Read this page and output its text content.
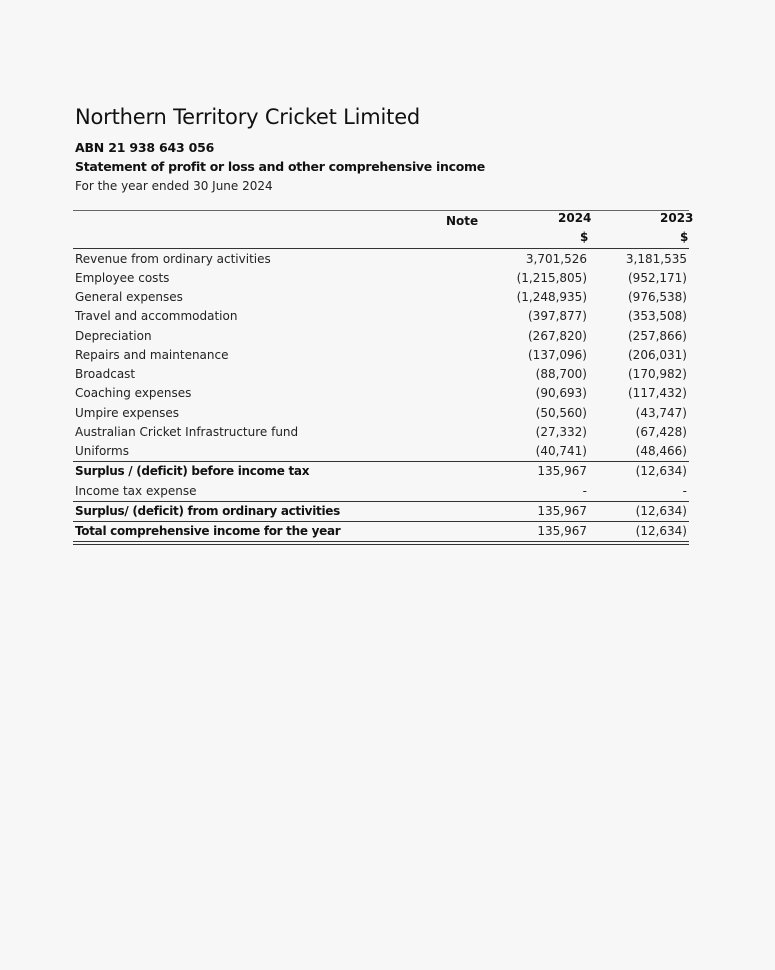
Northern Territory Cricket Limited
ABN 21 938 643 056
Statement of profit or loss and other comprehensive income
For the year ended 30 June 2024
Note	2024	2023
$	$
Revenue from ordinary activities	3,701,526	3,181,535
Employee costs	(1,215,805)	(952,171)
General expenses	(1,248,935)	(976,538)
Travel and accommodation	(397,877)	(353,508)
Depreciation	(267,820)	(257,866)
Repairs and maintenance	(137,096)	(206,031)
Broadcast	(88,700)	(170,982)
Coaching expenses	(90,693)	(117,432)
Umpire expenses	(50,560)	(43,747)
Australian Cricket Infrastructure fund	(27,332)	(67,428)
Uniforms	(40,741)	(48,466)
Surplus / (deficit) before income tax	135,967	(12,634)
Income tax expense	-	-
Surplus/ (deficit) from ordinary activities	135,967	(12,634)
Total comprehensive income for the year	135,967	(12,634)
